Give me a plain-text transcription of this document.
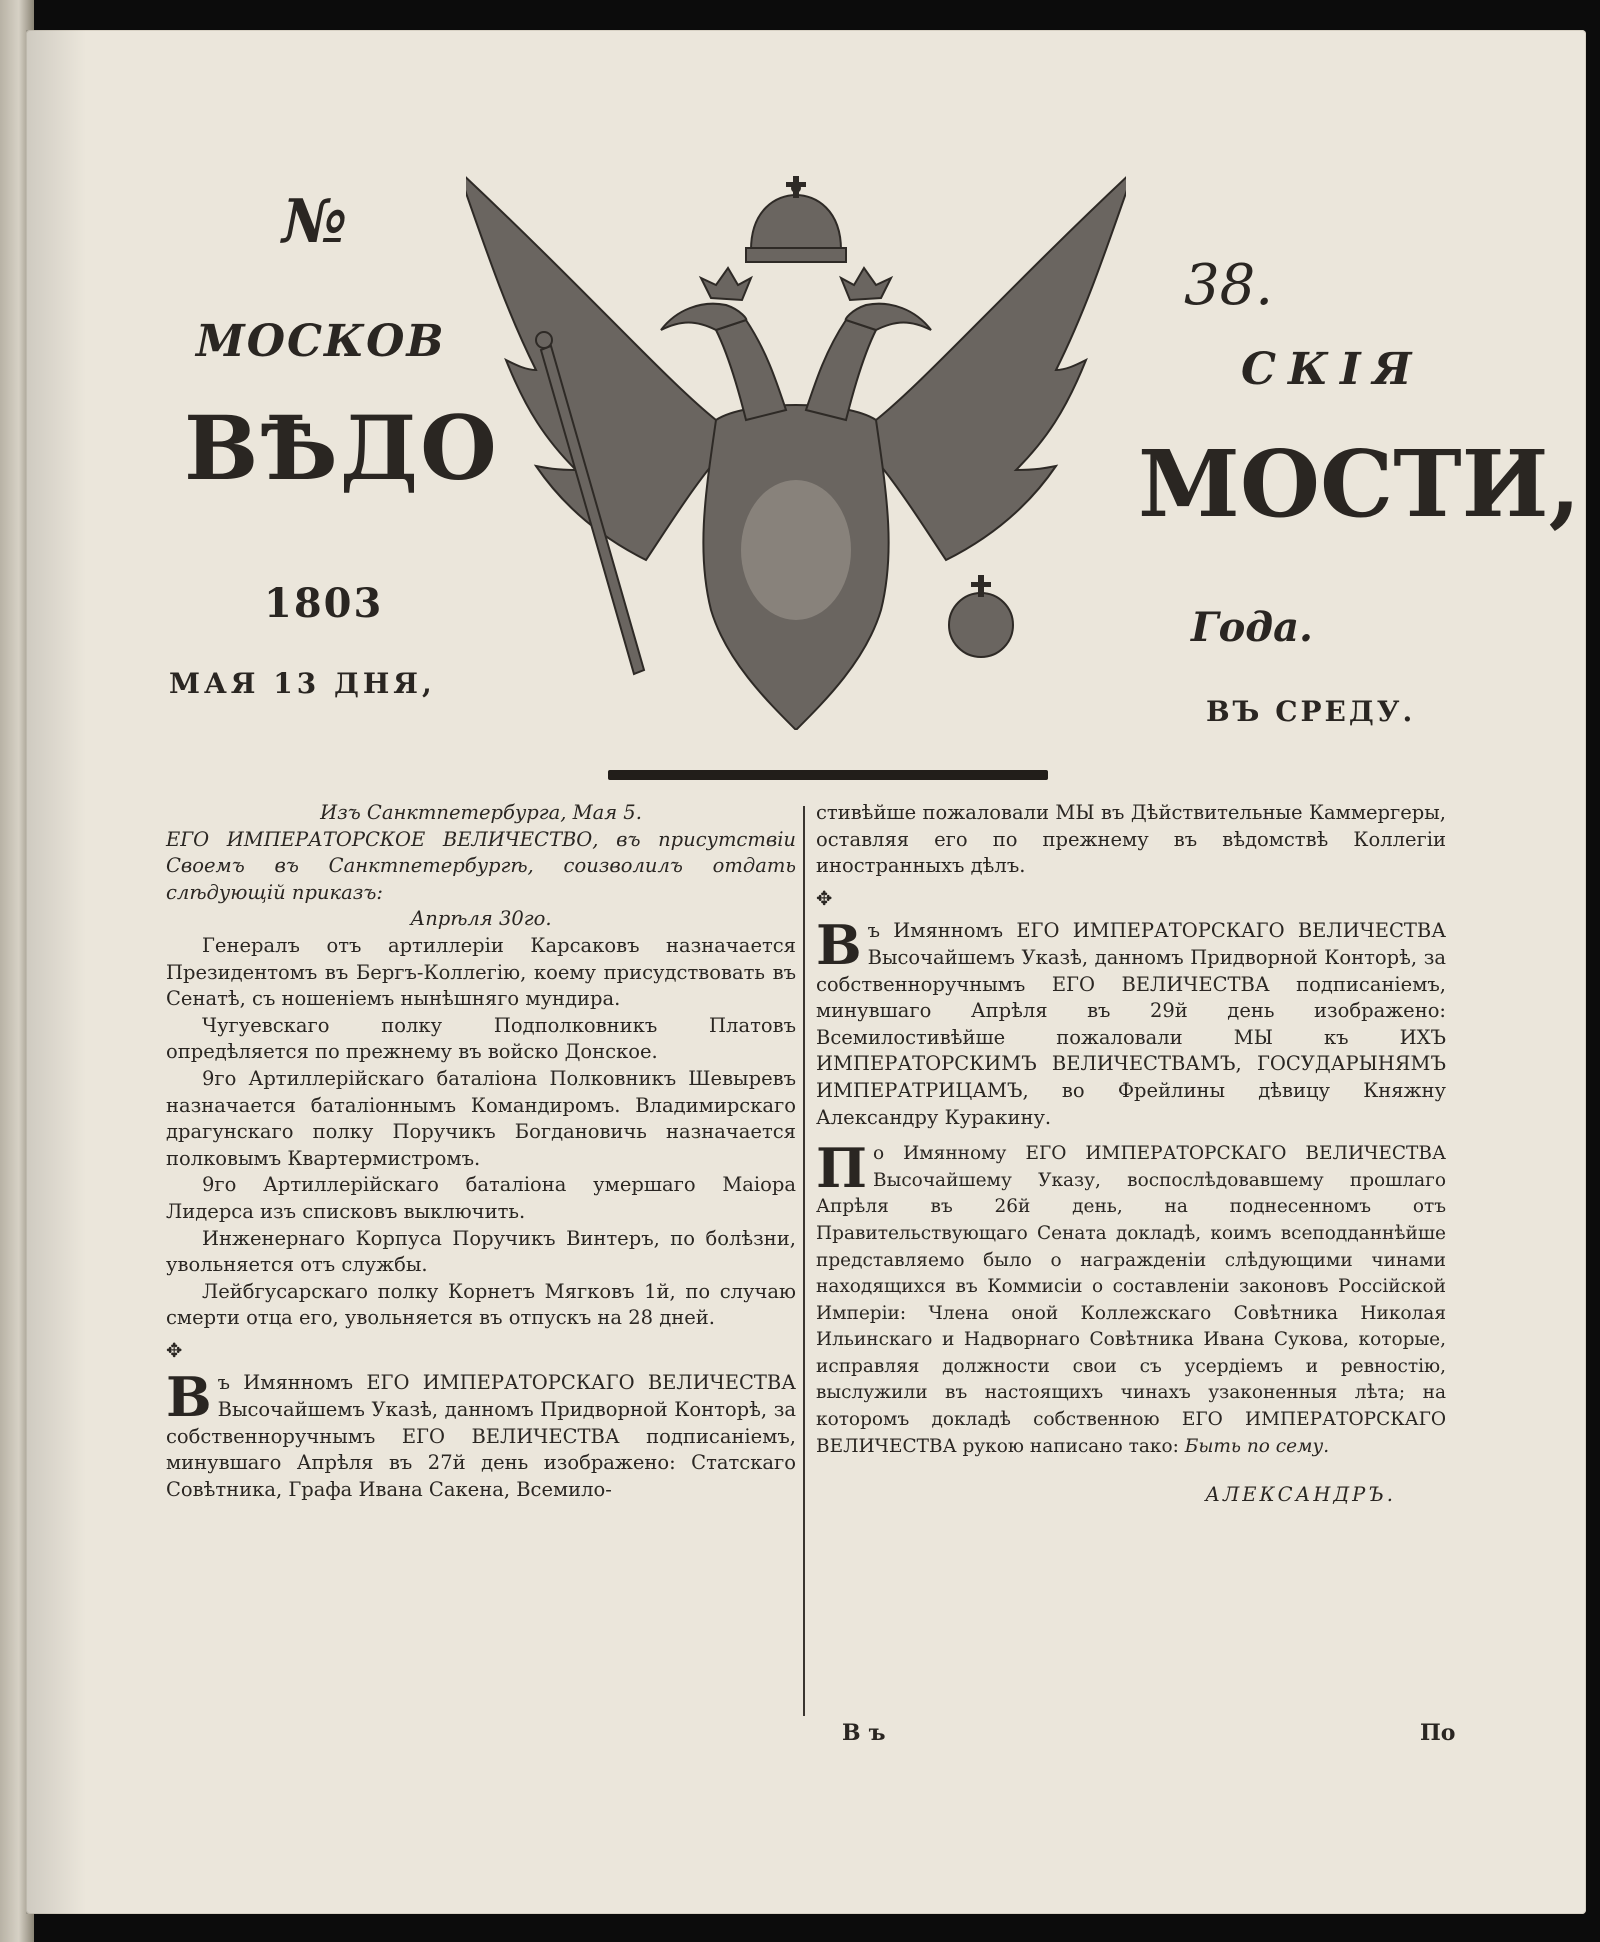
№
38.
МОСКОВ
СКІЯ
ВѢДО	МОСТИ,
1803
Года.
МАЯ 13 ДНЯ,
ВЪ СРЕДУ.

Изъ Санктпетербурга, Мая 5.

ЕГО ИМПЕРАТОРСКОЕ ВЕЛИЧЕСТВО, въ присутствіи Своемъ въ Санктпетербургѣ, соизволилъ отдать слѣдующій приказъ:

Апрѣля 30го.

Генералъ отъ артиллеріи Карсаковъ назначается Президентомъ въ Бергъ-Коллегію, коему присудствовать въ Сенатѣ, съ ношеніемъ нынѣшняго мундира.

Чугуевскаго полку Подполковникъ Платовъ опредѣляется по прежнему въ войско Донское.

9го Артиллерійскаго баталіона Полковникъ Шевыревъ назначается баталіоннымъ Командиромъ. Владимирскаго драгунскаго полку Поручикъ Богдановичь назначается полковымъ Квартермистромъ.

9го Артиллерійскаго баталіона умершаго Маіора Лидерса изъ списковъ выключить.

Инженернаго Корпуса Поручикъ Винтеръ, по болѣзни, увольняется отъ службы.

Лейбгусарскаго полку Корнетъ Мягковъ 1й, по случаю смерти отца его, увольняется въ отпускъ на 28 дней.

✥

Въ Имянномъ ЕГО ИМПЕРАТОРСКАГО ВЕЛИЧЕСТВА Высочайшемъ Указѣ, данномъ Придворной Конторѣ, за собственноручнымъ ЕГО ВЕЛИЧЕСТВА подписаніемъ, минувшаго Апрѣля въ 27й день изображено: Статскаго Совѣтника, Графа Ивана Сакена, Всемило-

стивѣйше пожаловали МЫ въ Дѣйствительные Каммергеры, оставляя его по прежнему въ вѣдомствѣ Коллегіи иностранныхъ дѣлъ.

✥

Въ Имянномъ ЕГО ИМПЕРАТОРСКАГО ВЕЛИЧЕСТВА Высочайшемъ Указѣ, данномъ Придворной Конторѣ, за собственноручнымъ ЕГО ВЕЛИЧЕСТВА подписаніемъ, минувшаго Апрѣля въ 29й день изображено: Всемилостивѣйше пожаловали МЫ къ ИХЪ ИМПЕРАТОРСКИМЪ ВЕЛИЧЕСТВАМЪ, ГОСУДАРЫНЯМЪ ИМПЕРАТРИЦАМЪ, во Фрейлины дѣвицу Княжну Александру Куракину.

По Имянному ЕГО ИМПЕРАТОРСКАГО ВЕЛИЧЕСТВА Высочайшему Указу, воспослѣдовавшему прошлаго Апрѣля въ 26й день, на поднесенномъ отъ Правительствующаго Сената докладѣ, коимъ всеподданнѣйше представляемо было о награжденіи слѣдующими чинами находящихся въ Коммисіи о составленіи законовъ Россійской Имперіи: Члена оной Коллежскаго Совѣтника Николая Ильинскаго и Надворнаго Совѣтника Ивана Сукова, которые, исправляя должности свои съ усердіемъ и ревностію, выслужили въ настоящихъ чинахъ узаконенныя лѣта; на которомъ докладѣ собственною ЕГО ИМПЕРАТОРСКАГО ВЕЛИЧЕСТВА рукою написано тако: Быть по сему.

АЛЕКСАНДРЪ.

Въ	По
